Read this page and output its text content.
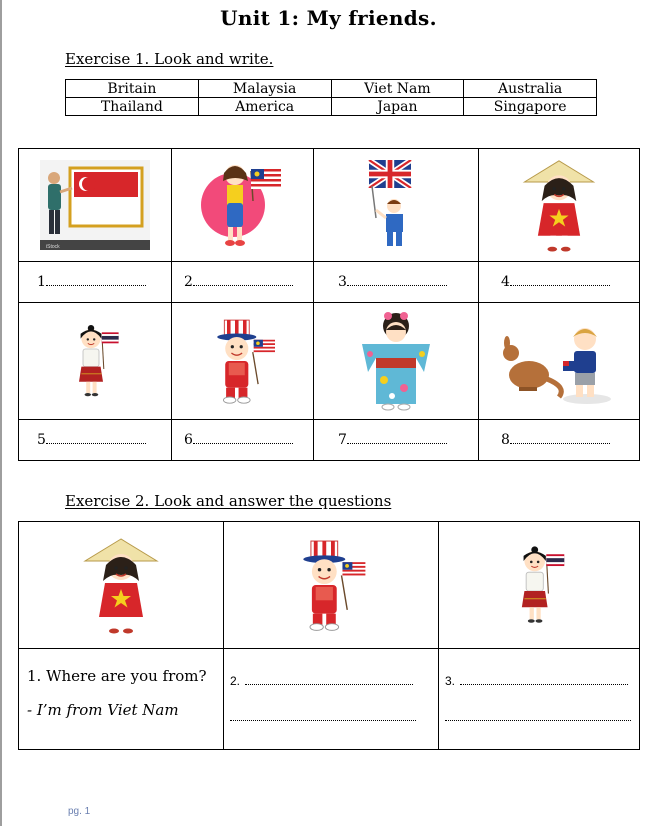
Unit 1: My friends.
Exercise 1. Look and write.
Britain	Malaysia	Viet Nam	Australia
Thailand	America	Japan	Singapore
iStock

1	2	3	4

5	6	7	8
Exercise 2. Look and answer the questions

1. Where are you from?
- I’m from Viet Nam	2.	3.
pg. 1
